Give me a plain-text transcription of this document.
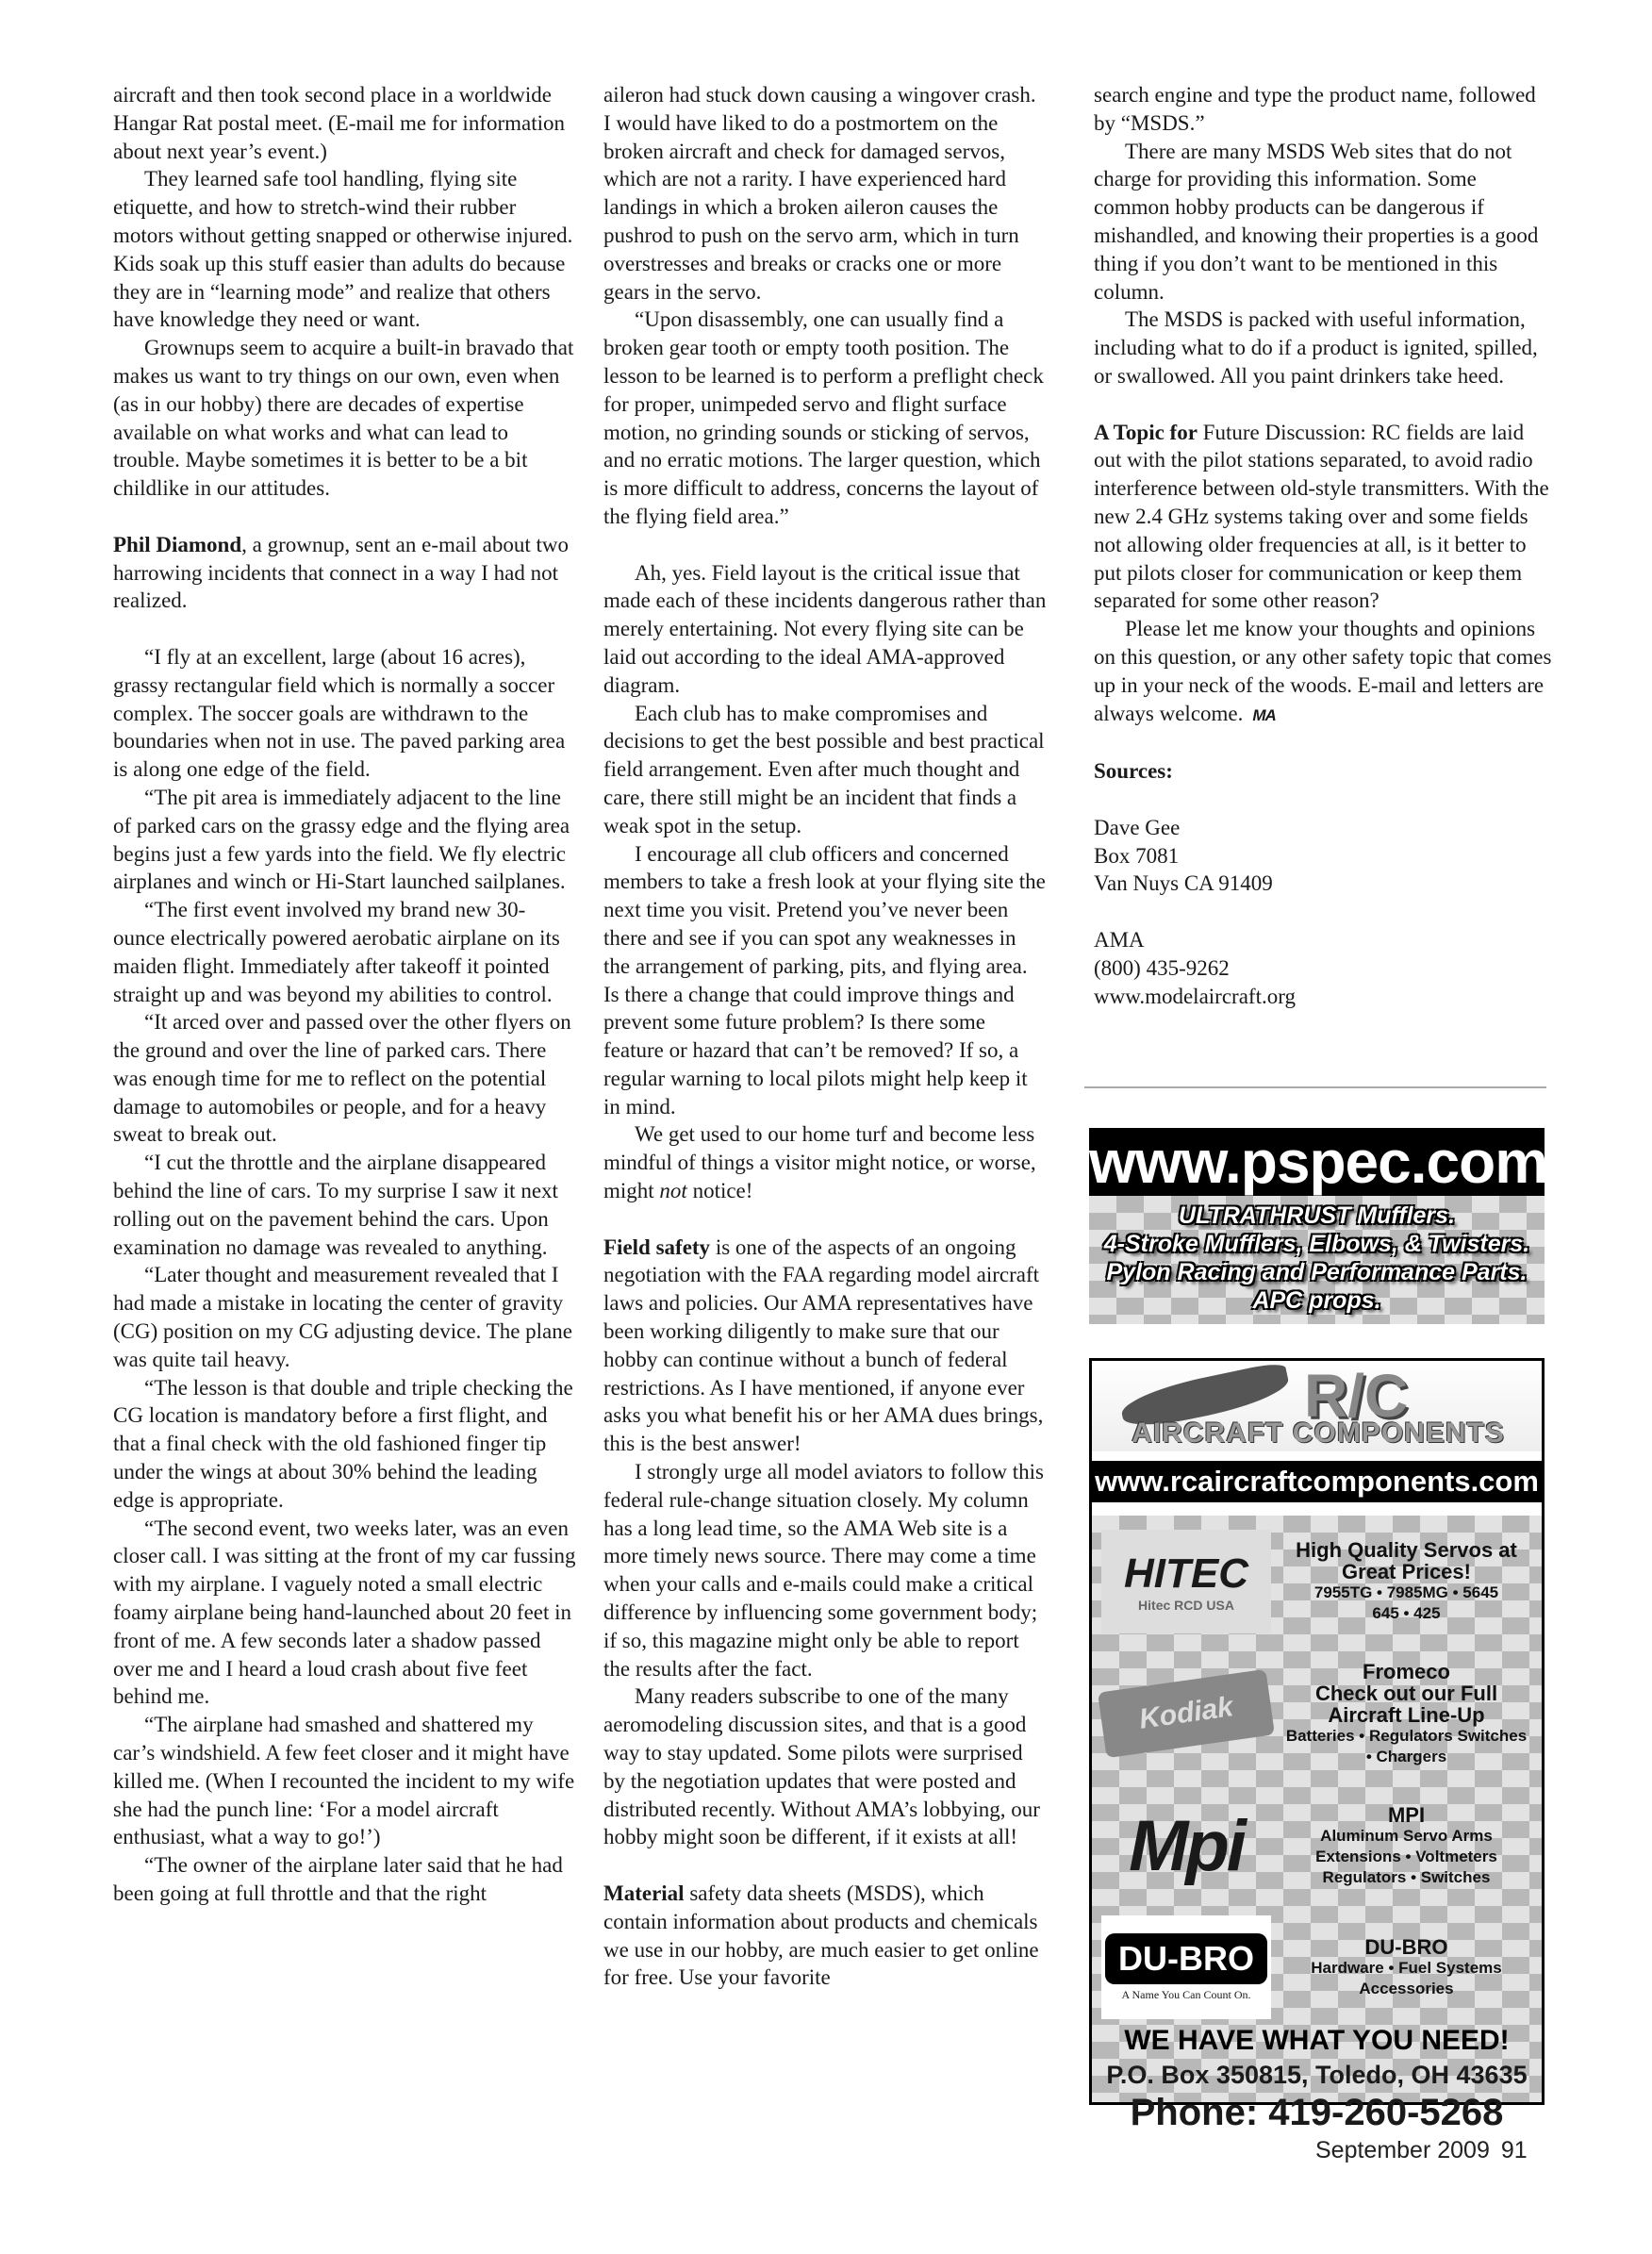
aircraft and then took second place in a worldwide Hangar Rat postal meet. (E-mail me for information about next year’s event.)

They learned safe tool handling, flying site etiquette, and how to stretch-wind their rubber motors without getting snapped or otherwise injured. Kids soak up this stuff easier than adults do because they are in “learning mode” and realize that others have knowledge they need or want.

Grownups seem to acquire a built-in bravado that makes us want to try things on our own, even when (as in our hobby) there are decades of expertise available on what works and what can lead to trouble. Maybe sometimes it is better to be a bit childlike in our attitudes.

Phil Diamond, a grownup, sent an e-mail about two harrowing incidents that connect in a way I had not realized.

“I fly at an excellent, large (about 16 acres), grassy rectangular field which is normally a soccer complex. The soccer goals are withdrawn to the boundaries when not in use. The paved parking area is along one edge of the field.

“The pit area is immediately adjacent to the line of parked cars on the grassy edge and the flying area begins just a few yards into the field. We fly electric airplanes and winch or Hi-Start launched sailplanes.

“The first event involved my brand new 30-ounce electrically powered aerobatic airplane on its maiden flight. Immediately after takeoff it pointed straight up and was beyond my abilities to control.

“It arced over and passed over the other flyers on the ground and over the line of parked cars. There was enough time for me to reflect on the potential damage to automobiles or people, and for a heavy sweat to break out.

“I cut the throttle and the airplane disappeared behind the line of cars. To my surprise I saw it next rolling out on the pavement behind the cars. Upon examination no damage was revealed to anything.

“Later thought and measurement revealed that I had made a mistake in locating the center of gravity (CG) position on my CG adjusting device. The plane was quite tail heavy.

“The lesson is that double and triple checking the CG location is mandatory before a first flight, and that a final check with the old fashioned finger tip under the wings at about 30% behind the leading edge is appropriate.

“The second event, two weeks later, was an even closer call. I was sitting at the front of my car fussing with my airplane. I vaguely noted a small electric foamy airplane being hand-launched about 20 feet in front of me. A few seconds later a shadow passed over me and I heard a loud crash about five feet behind me.

“The airplane had smashed and shattered my car’s windshield. A few feet closer and it might have killed me. (When I recounted the incident to my wife she had the punch line: ‘For a model aircraft enthusiast, what a way to go!’)

“The owner of the airplane later said that he had been going at full throttle and that the right

aileron had stuck down causing a wingover crash. I would have liked to do a postmortem on the broken aircraft and check for damaged servos, which are not a rarity. I have experienced hard landings in which a broken aileron causes the pushrod to push on the servo arm, which in turn overstresses and breaks or cracks one or more gears in the servo.

“Upon disassembly, one can usually find a broken gear tooth or empty tooth position. The lesson to be learned is to perform a preflight check for proper, unimpeded servo and flight surface motion, no grinding sounds or sticking of servos, and no erratic motions. The larger question, which is more difficult to address, concerns the layout of the flying field area.”

Ah, yes. Field layout is the critical issue that made each of these incidents dangerous rather than merely entertaining. Not every flying site can be laid out according to the ideal AMA-approved diagram.

Each club has to make compromises and decisions to get the best possible and best practical field arrangement. Even after much thought and care, there still might be an incident that finds a weak spot in the setup.

I encourage all club officers and concerned members to take a fresh look at your flying site the next time you visit. Pretend you’ve never been there and see if you can spot any weaknesses in the arrangement of parking, pits, and flying area. Is there a change that could improve things and prevent some future problem? Is there some feature or hazard that can’t be removed? If so, a regular warning to local pilots might help keep it in mind.

We get used to our home turf and become less mindful of things a visitor might notice, or worse, might not notice!

Field safety is one of the aspects of an ongoing negotiation with the FAA regarding model aircraft laws and policies. Our AMA representatives have been working diligently to make sure that our hobby can continue without a bunch of federal restrictions. As I have mentioned, if anyone ever asks you what benefit his or her AMA dues brings, this is the best answer!

I strongly urge all model aviators to follow this federal rule-change situation closely. My column has a long lead time, so the AMA Web site is a more timely news source. There may come a time when your calls and e-mails could make a critical difference by influencing some government body; if so, this magazine might only be able to report the results after the fact.

Many readers subscribe to one of the many aeromodeling discussion sites, and that is a good way to stay updated. Some pilots were surprised by the negotiation updates that were posted and distributed recently. Without AMA’s lobbying, our hobby might soon be different, if it exists at all!

Material safety data sheets (MSDS), which contain information about products and chemicals we use in our hobby, are much easier to get online for free. Use your favorite

search engine and type the product name, followed by “MSDS.”

There are many MSDS Web sites that do not charge for providing this information. Some common hobby products can be dangerous if mishandled, and knowing their properties is a good thing if you don’t want to be mentioned in this column.

The MSDS is packed with useful information, including what to do if a product is ignited, spilled, or swallowed. All you paint drinkers take heed.

A Topic for Future Discussion: RC fields are laid out with the pilot stations separated, to avoid radio interference between old-style transmitters. With the new 2.4 GHz systems taking over and some fields not allowing older frequencies at all, is it better to put pilots closer for communication or keep them separated for some other reason?

Please let me know your thoughts and opinions on this question, or any other safety topic that comes up in your neck of the woods. E-mail and letters are always welcome. MA

Sources:

Dave Gee

Box 7081

Van Nuys CA 91409

AMA

(800) 435-9262

www.modelaircraft.org

www.pspec.com
ULTRATHRUST Mufflers.
4-Stroke Mufflers, Elbows, & Twisters.
Pylon Racing and Performance Parts.
APC props.
R/C
AIRCRAFT COMPONENTS
www.rcaircraftcomponents.com
HITEC
Hitec RCD USA
High Quality Servos at
Great Prices!
7955TG • 7985MG • 5645
645 • 425
Kodiak
Fromeco
Check out our Full
Aircraft Line-Up
Batteries • Regulators Switches
• Chargers
Mpi	MPI
Aluminum Servo Arms
Extensions • Voltmeters
Regulators • Switches
DU-BRO
A Name You Can Count On.
DU-BRO
Hardware • Fuel Systems
Accessories
WE HAVE WHAT YOU NEED!
P.O. Box 350815, Toledo, OH 43635
Phone: 419-260-5268
September 2009 91
